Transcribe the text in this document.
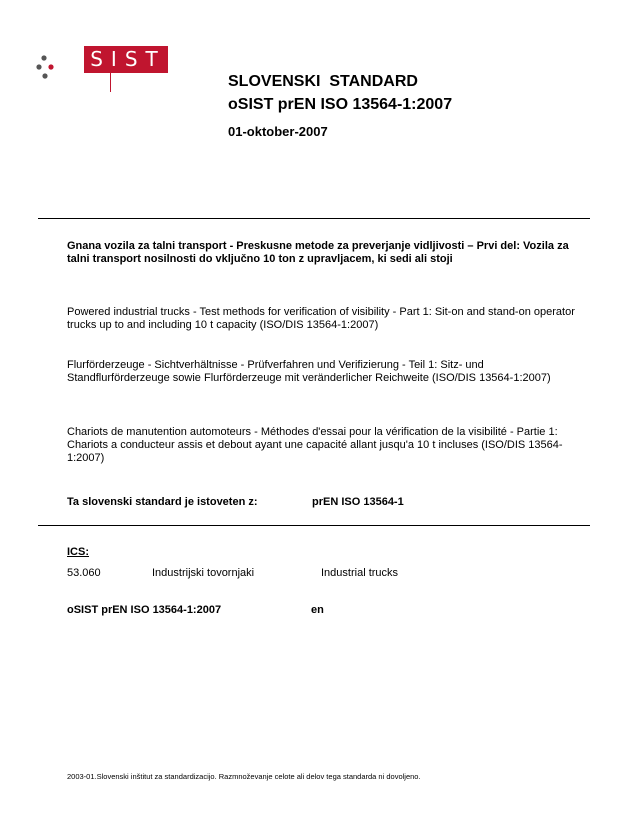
SIST
SLOVENSKI  STANDARD
oSIST prEN ISO 13564-1:2007
01-oktober-2007
Gnana vozila za talni transport - Preskusne metode za preverjanje vidljivosti – Prvi del: Vozila za talni transport nosilnosti do vključno 10 ton z upravljacem, ki sedi ali stoji
Powered industrial trucks - Test methods for verification of visibility - Part 1: Sit-on and stand-on operator trucks up to and including 10 t capacity (ISO/DIS 13564-1:2007)
Flurförderzeuge - Sichtverhältnisse - Prüfverfahren und Verifizierung - Teil 1: Sitz- und Standflurförderzeuge sowie Flurförderzeuge mit veränderlicher Reichweite (ISO/DIS 13564-1:2007)
Chariots de manutention automoteurs - Méthodes d'essai pour la vérification de la visibilité - Partie 1: Chariots a conducteur assis et debout ayant une capacité allant jusqu'a 10 t incluses (ISO/DIS 13564-1:2007)
Ta slovenski standard je istoveten z:	prEN ISO 13564-1
ICS:
53.060	Industrijski tovornjaki	Industrial trucks
oSIST prEN ISO 13564-1:2007	en
2003-01.Slovenski inštitut za standardizacijo. Razmnoževanje celote ali delov tega standarda ni dovoljeno.
